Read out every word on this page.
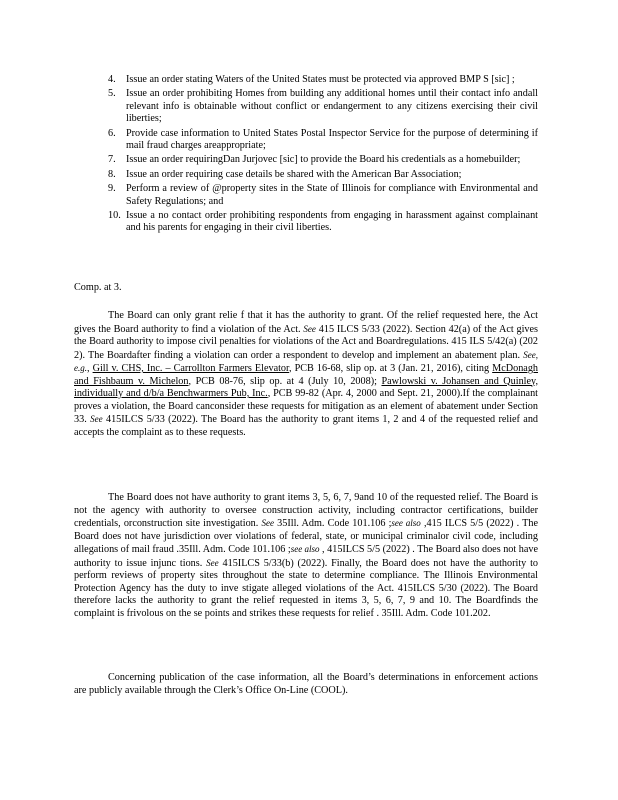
4. Issue an order stating Waters of the United States must be protected via approved BMP S [sic] ;
5. Issue an order prohibiting Homes from building any additional homes until their contact info andall relevant info is obtainable without conflict or endangerment to any citizens exercising their civil liberties;
6. Provide case information to United States Postal Inspector Service for the purpose of determining if mail fraud charges areappropriate;
7. Issue an order requiringDan Jurjovec [sic] to provide the Board his credentials as a homebuilder;
8. Issue an order requiring case details be shared with the American Bar Association;
9. Perform a review of @property sites in the State of Illinois for compliance with Environmental and Safety Regulations; and
10. Issue a no contact order prohibiting respondents from engaging in harassment against complainant and his parents for engaging in their civil liberties.
Comp. at 3.

The Board can only grant relie f that it has the authority to grant. Of the relief requested here, the Act gives the Board authority to find a violation of the Act. See 415 ILCS 5/33 (2022). Section 42(a) of the Act gives the Board authority to impose civil penalties for violations of the Act and Boardregulations. 415 ILS 5/42(a) (202 2). The Boardafter finding a violation can order a respondent to develop and implement an abatement plan. See, e.g., Gill v. CHS, Inc. – Carrollton Farmers Elevator, PCB 16-68, slip op. at 3 (Jan. 21, 2016), citing McDonagh and Fishbaum v. Michelon, PCB 08-76, slip op. at 4 (July 10, 2008); Pawlowski v. Johansen and Quinley, individually and d/b/a Benchwarmers Pub, Inc., PCB 99-82 (Apr. 4, 2000 and Sept. 21, 2000).If the complainant proves a violation, the Board canconsider these requests for mitigation as an element of abatement under Section 33. See 415ILCS 5/33 (2022). The Board has the authority to grant items 1, 2 and 4 of the requested relief and accepts the complaint as to these requests.

The Board does not have authority to grant items 3, 5, 6, 7, 9and 10 of the requested relief. The Board is not the agency with authority to oversee construction activity, including contractor certifications, builder credentials, orconstruction site investigation. See 35Ill. Adm. Code 101.106 ;see also ,415 ILCS 5/5 (2022) . The Board does not have jurisdiction over violations of federal, state, or municipal criminalor civil code, including allegations of mail fraud .35Ill. Adm. Code 101.106 ;see also , 415ILCS 5/5 (2022) . The Board also does not have authority to issue injunc tions. See 415ILCS 5/33(b) (2022). Finally, the Board does not have the authority to perform reviews of property sites throughout the state to determine compliance. The Illinois Environmental Protection Agency has the duty to inve stigate alleged violations of the Act. 415ILCS 5/30 (2022). The Board therefore lacks the authority to grant the relief requested in items 3, 5, 6, 7, 9 and 10. The Boardfinds the complaint is frivolous on the se points and strikes these requests for relief . 35Ill. Adm. Code 101.202.

Concerning publication of the case information, all the Board’s determinations in enforcement actions are publicly available through the Clerk’s Office On-Line (COOL).
